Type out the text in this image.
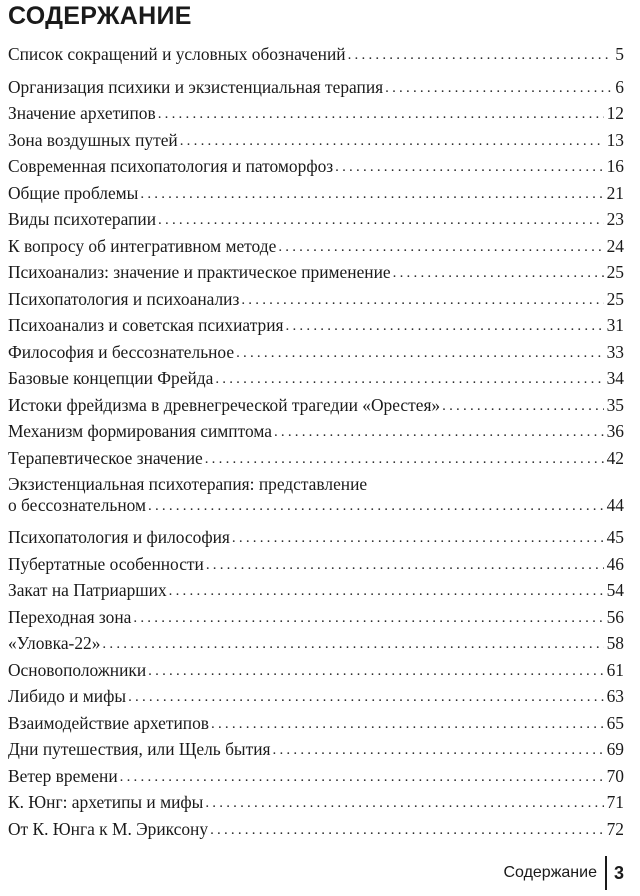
СОДЕРЖАНИЕ
Список сокращений и условных обозначений .....	5
Организация психики и экзистенциальная терапия .....	6
Значение архетипов .....	12
Зона воздушных путей .....	13
Современная психопатология и патоморфоз .....	16
Общие проблемы .....	21
Виды психотерапии .....	23
К вопросу об интегративном методе .....	24
Психоанализ: значение и практическое применение .....	25
Психопатология и психоанализ .....	25
Психоанализ и советская психиатрия .....	31
Философия и бессознательное .....	33
Базовые концепции Фрейда .....	34
Истоки фрейдизма в древнегреческой трагедии «Орестея» .....	35
Механизм формирования симптома .....	36
Терапевтическое значение .....	42
Экзистенциальная психотерапия: представление
о бессознательном .....	44
Психопатология и философия .....	45
Пубертатные особенности .....	46
Закат на Патриарших .....	54
Переходная зона .....	56
«Уловка-22» .....	58
Основоположники .....	61
Либидо и мифы .....	63
Взаимодействие архетипов .....	65
Дни путешествия, или Щель бытия .....	69
Ветер времени .....	70
К. Юнг: архетипы и мифы .....	71
От К. Юнга к М. Эриксону .....	72
Содержание 3
